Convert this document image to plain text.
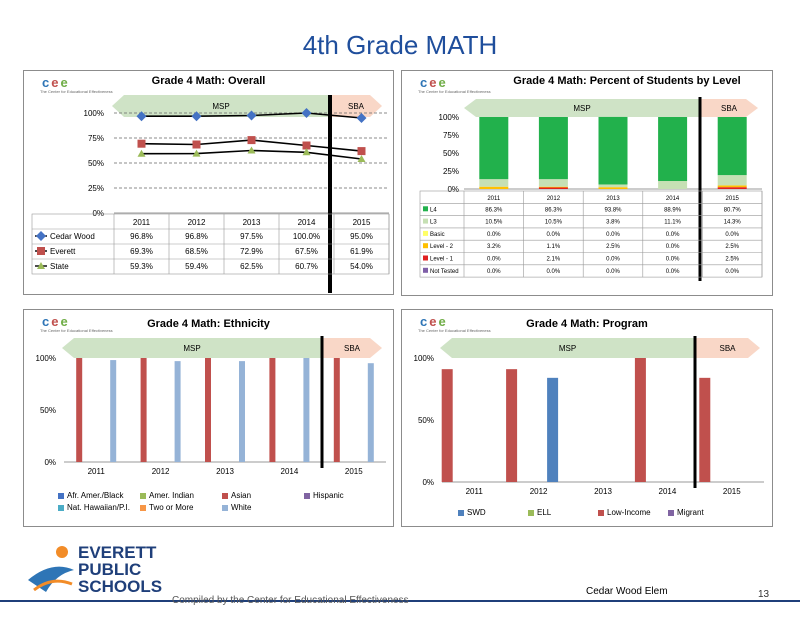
4th Grade MATH
cee
The Center for Educational Effectiveness
Grade 4 Math: Overall
MSP	SBA
0%
25%
50%
75%
100%
2011	2012	2013	2014	2015
Cedar Wood	96.8%	96.8%	97.5%	100.0%	95.0%
Everett	69.3%	68.5%	72.9%	67.5%	61.9%
State	59.3%	59.4%	62.5%	60.7%	54.0%
cee
The Center for Educational Effectiveness
Grade 4 Math: Percent of Students by Level
MSP	SBA
0%
25%
50%
75%
100%
2011	2012	2013	2014	2015
L4	86.3%	86.3%	93.8%	88.9%	80.7%
L3	10.5%	10.5%	3.8%	11.1%	14.3%
Basic	0.0%	0.0%	0.0%	0.0%	0.0%
Level - 2	3.2%	1.1%	2.5%	0.0%	2.5%
Level - 1	0.0%	2.1%	0.0%	0.0%	2.5%
Not Tested	0.0%	0.0%	0.0%	0.0%	0.0%
cee
The Center for Educational Effectiveness
Grade 4 Math: Ethnicity
MSP	SBA
0%
50%
100%
2011	2012	2013	2014	2015
Afr. Amer./Black	Amer. Indian	Asian	Hispanic
Nat. Hawaiian/P.I.	Two or More	White
cee
The Center for Educational Effectiveness
Grade 4 Math: Program
MSP	SBA
0%
50%
100%
2011	2012	2013	2014	2015
SWD	ELL	Low-Income	Migrant
EVERETT
PUBLIC
SCHOOLS
Compiled by the Center for Educational Effectiveness
Cedar Wood Elem	13
